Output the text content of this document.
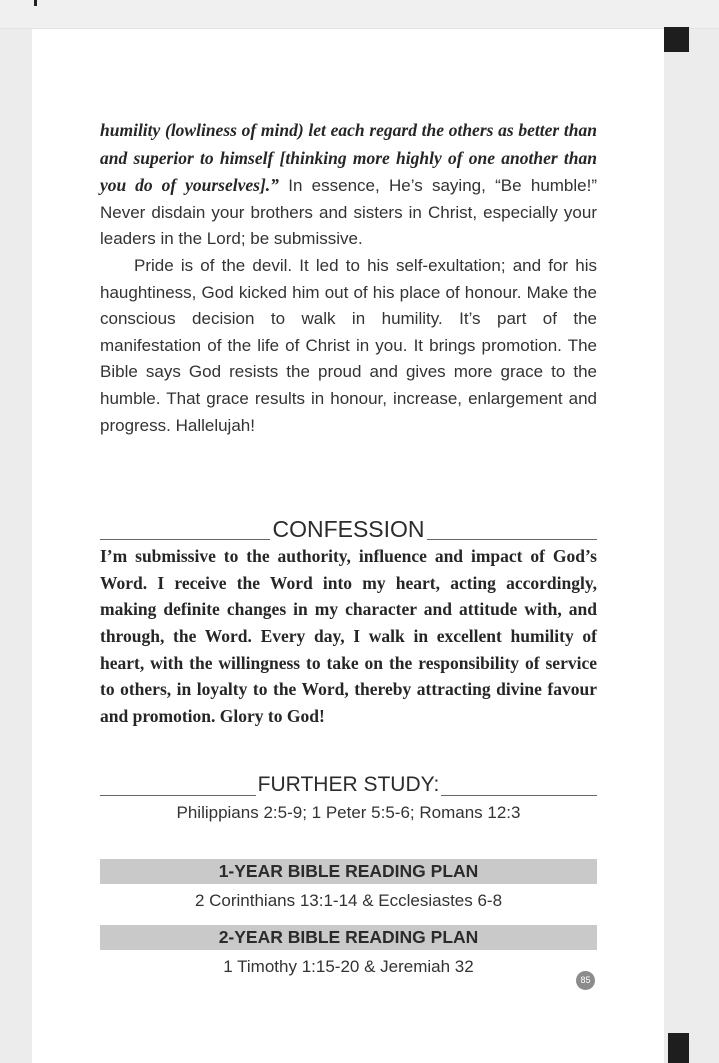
humility (lowliness of mind) let each regard the others as better than and superior to himself [thinking more highly of one another than you do of yourselves].” In essence, He’s saying, “Be humble!” Never disdain your brothers and sisters in Christ, especially your leaders in the Lord; be submissive.

Pride is of the devil. It led to his self-exultation; and for his haughtiness, God kicked him out of his place of honour. Make the conscious decision to walk in humility. It’s part of the manifestation of the life of Christ in you. It brings promotion. The Bible says God resists the proud and gives more grace to the humble. That grace results in honour, increase, enlargement and progress. Hallelujah!

CONFESSION

I’m submissive to the authority, influence and impact of God’s Word. I receive the Word into my heart, acting accordingly, making definite changes in my character and attitude with, and through, the Word. Every day, I walk in excellent humility of heart, with the willingness to take on the responsibility of service to others, in loyalty to the Word, thereby attracting divine favour and promotion. Glory to God!

FURTHER STUDY:
Philippians 2:5-9; 1 Peter 5:5-6; Romans 12:3
1-YEAR BIBLE READING PLAN
2 Corinthians 13:1-14 & Ecclesiastes 6-8
2-YEAR BIBLE READING PLAN
1 Timothy 1:15-20 & Jeremiah 32
85
